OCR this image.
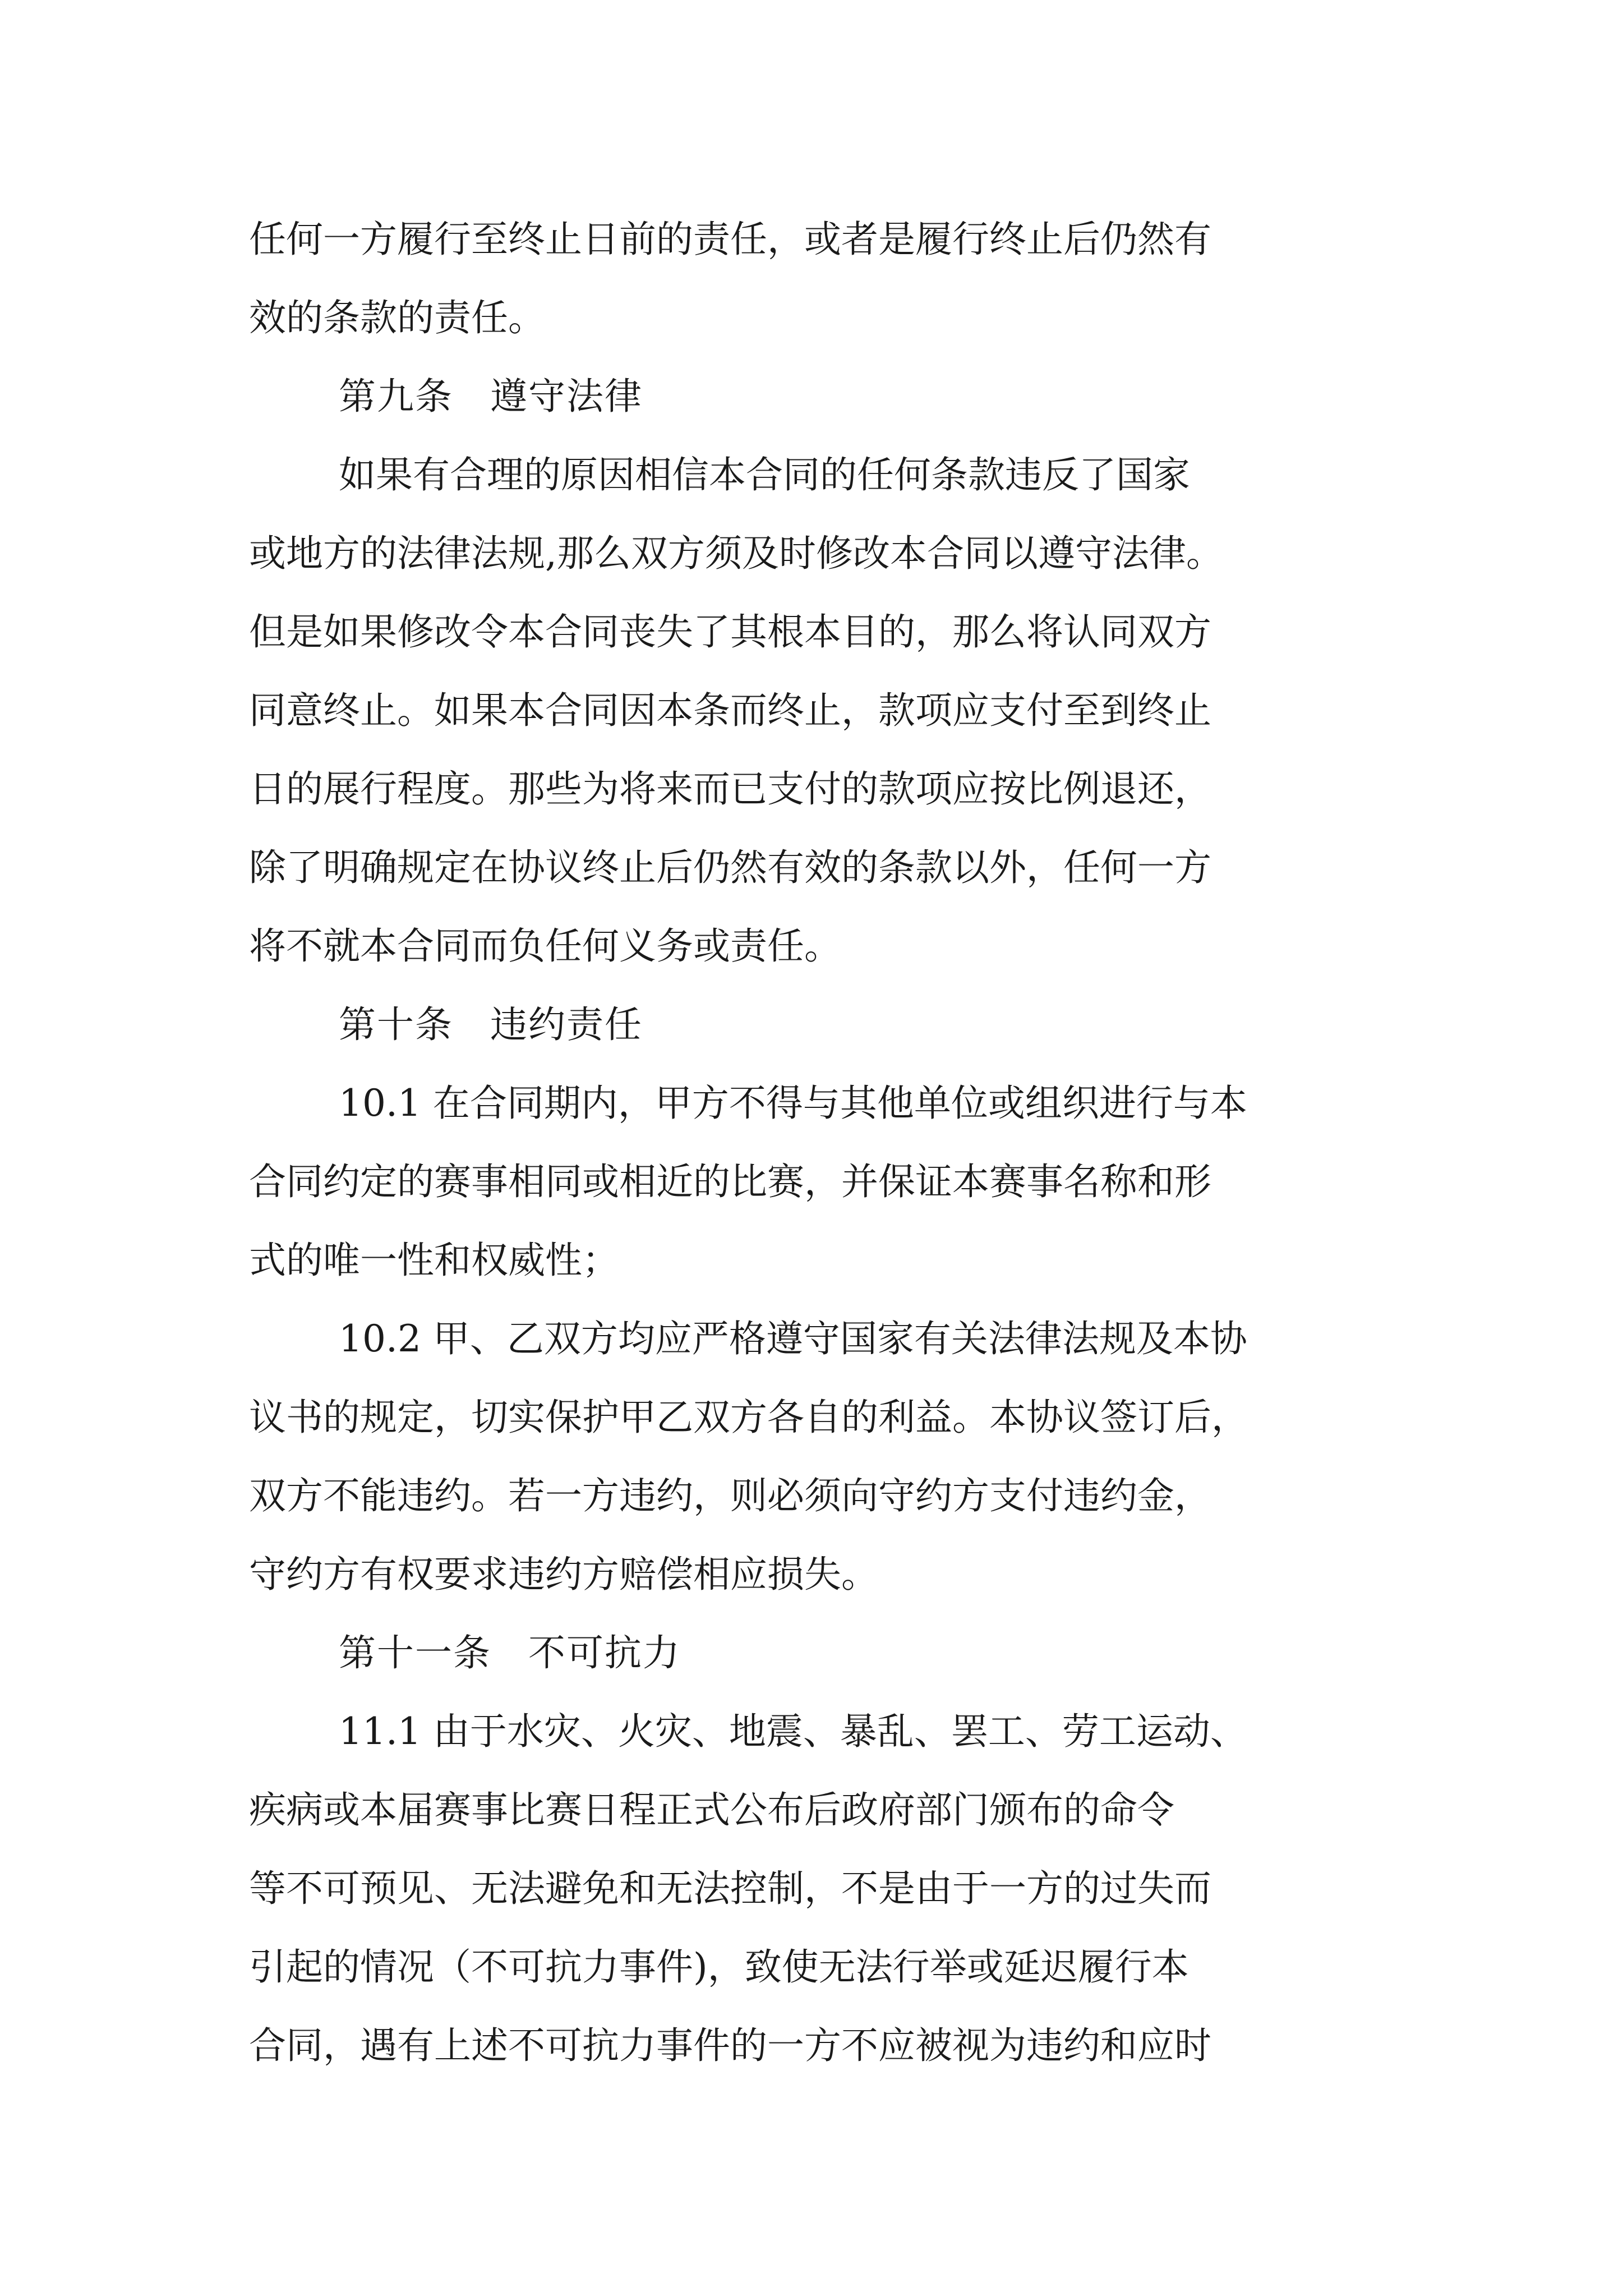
任何一方履行至终止日前的责任，或者是履行终止后仍然有
效的条款的责任。
第九条 遵守法律
如果有合理的原因相信本合同的任何条款违反了国家
或地方的法律法规,那么双方须及时修改本合同以遵守法律。
但是如果修改令本合同丧失了其根本目的，那么将认同双方
同意终止。如果本合同因本条而终止，款项应支付至到终止
日的展行程度。那些为将来而已支付的款项应按比例退还，
除了明确规定在协议终止后仍然有效的条款以外，任何一方
将不就本合同而负任何义务或责任。
第十条 违约责任
10.1 在合同期内，甲方不得与其他单位或组织进行与本
合同约定的赛事相同或相近的比赛，并保证本赛事名称和形
式的唯一性和权威性；
10.2 甲、乙双方均应严格遵守国家有关法律法规及本协
议书的规定，切实保护甲乙双方各自的利益。本协议签订后，
双方不能违约。若一方违约，则必须向守约方支付违约金，
守约方有权要求违约方赔偿相应损失。
第十一条 不可抗力
11.1 由于水灾、火灾、地震、暴乱、罢工、劳工运动、
疾病或本届赛事比赛日程正式公布后政府部门颁布的命令
等不可预见、无法避免和无法控制，不是由于一方的过失而
引起的情况（不可抗力事件)，致使无法行举或延迟履行本
合同，遇有上述不可抗力事件的一方不应被视为违约和应时
